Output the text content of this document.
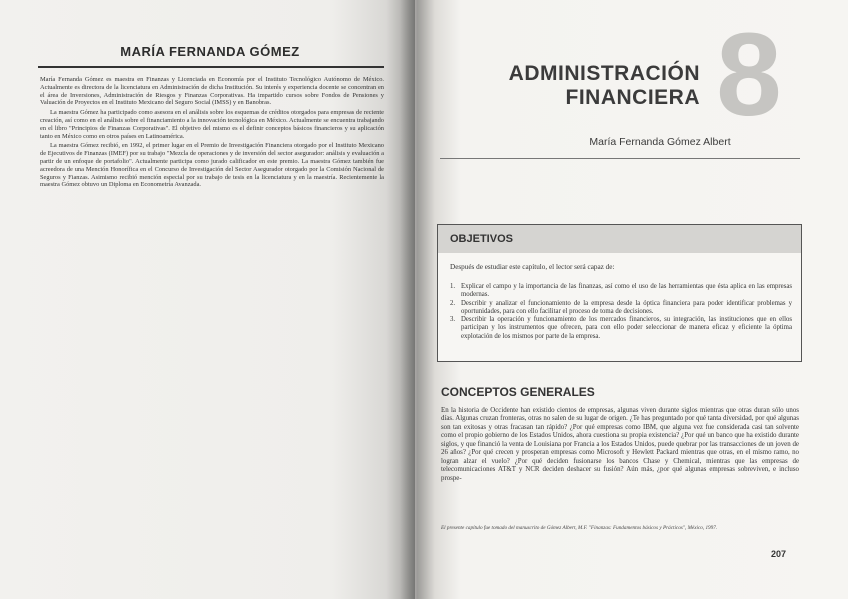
MARÍA FERNANDA GÓMEZ

María Fernanda Gómez es maestra en Finanzas y Licenciada en Economía por el Instituto Tecnológico Autónomo de México. Actualmente es directora de la licenciatura en Administración de dicha Institución. Su interés y experiencia docente se concentran en el área de Inversiones, Administración de Riesgos y Finanzas Corporativas. Ha impartido cursos sobre Fondos de Pensiones y Valuación de Proyectos en el Instituto Mexicano del Seguro Social (IMSS) y en Banobras.

La maestra Gómez ha participado como asesora en el análisis sobre los esquemas de créditos otorgados para empresas de reciente creación, así como en el análisis sobre el financiamiento a la innovación tecnológica en México. Actualmente se encuentra trabajando en el libro "Principios de Finanzas Corporativas". El objetivo del mismo es el definir conceptos básicos financieros y su aplicación tanto en México como en otros países en Latinoamérica.

La maestra Gómez recibió, en 1992, el primer lugar en el Premio de Investigación Financiera otorgado por el Instituto Mexicano de Ejecutivos de Finanzas (IMEF) por su trabajo "Mezcla de operaciones y de inversión del sector asegurador: análisis y evaluación a partir de un enfoque de portafolio". Actualmente participa como jurado calificador en este premio. La maestra Gómez también fue acreedora de una Mención Honorífica en el Concurso de Investigación del Sector Asegurador otorgado por la Comisión Nacional de Seguros y Fianzas. Asimismo recibió mención especial por su trabajo de tesis en la licenciatura y en la maestría. Recientemente la maestra Gómez obtuvo un Diploma en Econometría Avanzada.

8
ADMINISTRACIÓN
FINANCIERA
María Fernanda Gómez Albert
OBJETIVOS
Después de estudiar este capítulo, el lector será capaz de:
1. Explicar el campo y la importancia de las finanzas, así como el uso de las herramientas que ésta aplica en las empresas modernas.
2. Describir y analizar el funcionamiento de la empresa desde la óptica financiera para poder identificar problemas y oportunidades, para con ello facilitar el proceso de toma de decisiones.
3. Describir la operación y funcionamiento de los mercados financieros, su integración, las instituciones que en ellos participan y los instrumentos que ofrecen, para con ello poder seleccionar de manera eficaz y eficiente la óptima explotación de los mismos por parte de la empresa.
CONCEPTOS GENERALES

En la historia de Occidente han existido cientos de empresas, algunas viven durante siglos mientras que otras duran sólo unos días. Algunas cruzan fronteras, otras no salen de su lugar de origen. ¿Te has preguntado por qué tanta diversidad, por qué algunas son tan exitosas y otras fracasan tan rápido? ¿Por qué empresas como IBM, que alguna vez fue considerada casi tan solvente como el propio gobierno de los Estados Unidos, ahora cuestiona su propia existencia? ¿Por qué un banco que ha existido durante siglos, y que financió la venta de Louisiana por Francia a los Estados Unidos, puede quebrar por las transacciones de un joven de 26 años? ¿Por qué crecen y prosperan empresas como Microsoft y Hewlett Packard mientras que otras, en el mismo ramo, no logran alzar el vuelo? ¿Por qué deciden fusionarse los bancos Chase y Chemical, mientras que las empresas de telecomunicaciones AT&T y NCR deciden deshacer su fusión? Aún más, ¿por qué algunas empresas sobreviven, e incluso prospe-

El presente capítulo fue tomado del manuscrito de Gómez Albert, M.F. "Finanzas: Fundamentos básicos y Prácticos", México, 1997.
207
